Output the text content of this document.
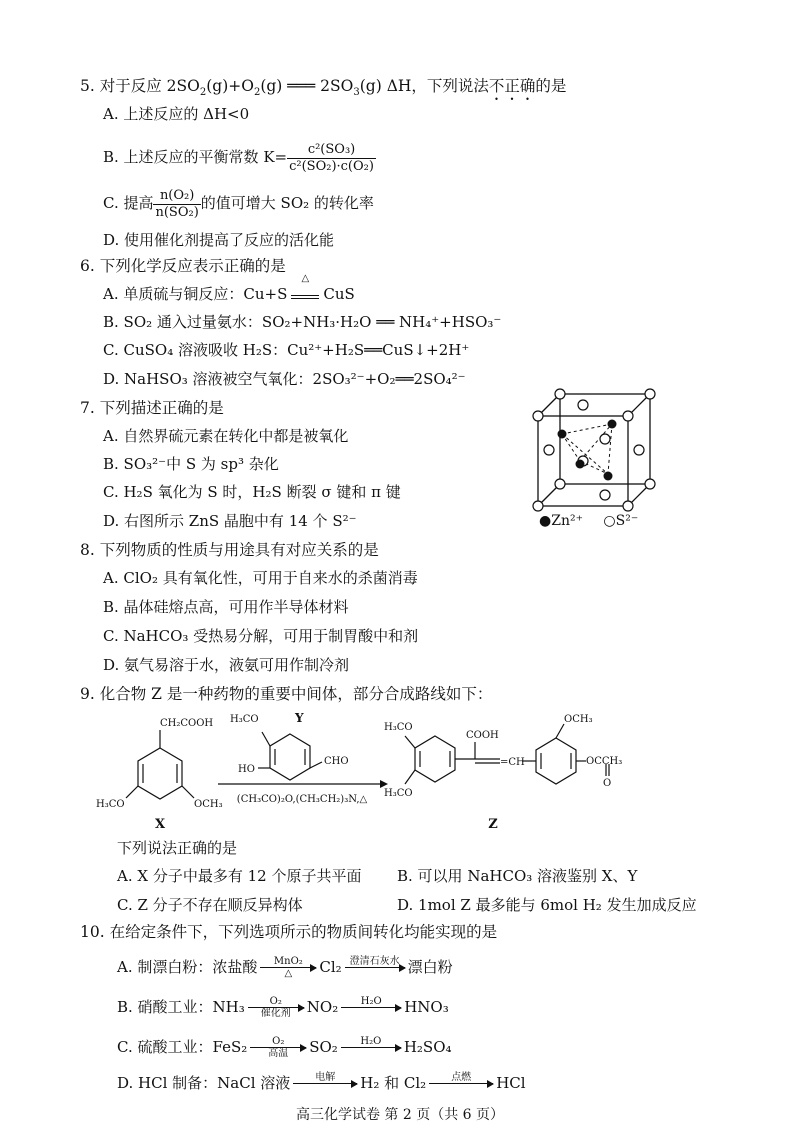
5. 对于反应 $2SO_2(g)+O_2(g)$ ═══ $2SO_3(g)$ ΔH，下列说法不正确的是
A. 上述反应的 ΔH<0
B. 上述反应的平衡常数 $K= \frac{\text{c²(SO₃)}}{\text{c²(SO₂)·c(O₂)}}$
C. 提高 $\frac{\text{n(O₂)}}{\text{n(SO₂)}}$ 的值可增大 SO₂ 的转化率
D. 使用催化剂提高了反应的活化能
6. 下列化学反应表示正确的是
A. 单质硫与铜反应：Cu+S
△
CuS
B. SO₂ 通入过量氨水：SO₂+NH₃·H₂O ══ NH₄⁺+HSO₃⁻
C. CuSO₄ 溶液吸收 H₂S：Cu²⁺+H₂S══CuS↓+2H⁺
D. NaHSO₃ 溶液被空气氧化：2SO₃²⁻+O₂══2SO₄²⁻
7. 下列描述正确的是
A. 自然界硫元素在转化中都是被氧化
B. SO₃²⁻中 S 为 sp³ 杂化
C. H₂S 氧化为 S 时，H₂S 断裂 σ 键和 π 键
D. 右图所示 ZnS 晶胞中有 14 个 S²⁻	●Zn²⁺ ○S²⁻
8. 下列物质的性质与用途具有对应关系的是
A. ClO₂ 具有氧化性，可用于自来水的杀菌消毒
B. 晶体硅熔点高，可用作半导体材料
C. NaHCO₃ 受热易分解，可用于制胃酸中和剂
D. 氨气易溶于水，液氨可用作制冷剂
9. 化合物 Z 是一种药物的重要中间体，部分合成路线如下：
CH₂COOH
H₃CO	OCH₃
X
H₃CO	Y
HO
CHO
(CH₃CO)₂O,(CH₃CH₂)₃N,△
H₃CO
H₃CO
COOH
=CH
OCH₃
OCCH₃
O
Z
下列说法正确的是
A. X 分子中最多有 12 个原子共平面 B. 可以用 NaHCO₃ 溶液鉴别 X、Y
C. Z 分子不存在顺反异构体	D. 1mol Z 最多能与 6mol H₂ 发生加成反应
10. 在给定条件下，下列选项所示的物质间转化均能实现的是
A. 制漂白粉：浓盐酸	MnO₂
△	Cl₂ 澄清石灰水
漂白粉
B. 硝酸工业：NH₃	O₂
催化剂	NO₂	H₂O
	HNO₃
C. 硫酸工业：FeS₂	O₂
高温	SO₂	H₂O
	H₂SO₄
D. HCl 制备：NaCl 溶液	电解
	H₂ 和 Cl₂	点燃
	HCl
高三化学试卷 第 2 页（共 6 页）
